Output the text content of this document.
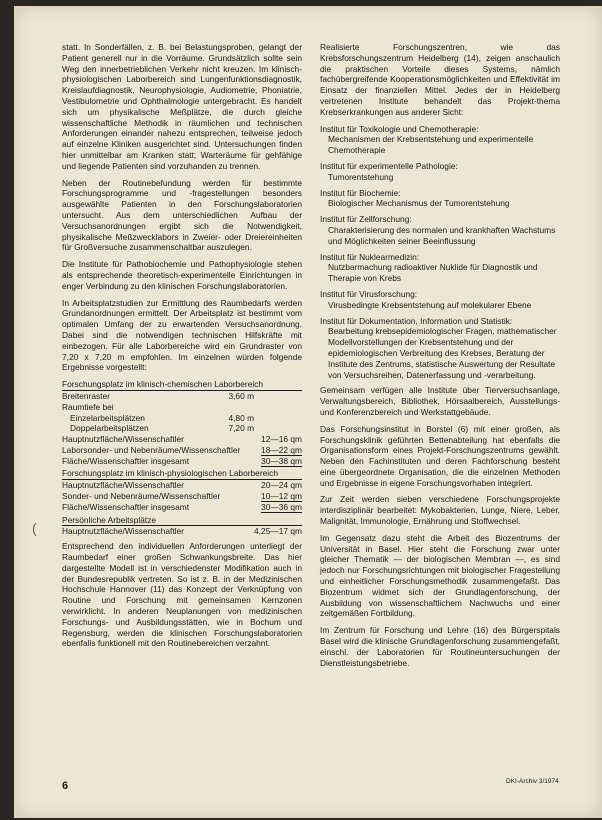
statt. In Sonderfällen, z. B. bei Belastungsproben, gelangt der Patient generell nur in die Vorräume. Grundsätzlich sollte sein Weg den innerbetrieblichen Verkehr nicht kreuzen. Im klinisch-physiologischen Laborbereich sind Lungenfunktionsdiagnostik, Kreislaufdiagnostik, Neurophysiologie, Audiometrie, Phoniatrie, Vestibulometrie und Ophthalmologie untergebracht. Es handelt sich um physikalische Meßplätze, die durch gleiche wissenschaftliche Methodik in räumlichen und technischen Anforderungen einander nahezu entsprechen, teilweise jedoch auf einzelne Kliniken ausgerichtet sind. Untersuchungen finden hier unmittelbar am Kranken statt; Warteräume für gehfähige und liegende Patienten sind vorzuhanden zu trennen.

Neben der Routinebefundung werden für bestimmte Forschungsprogramme und -fragestellungen besonders ausgewählte Patienten in den Forschungslaboratorien untersucht. Aus dem unterschiedlichen Aufbau der Versuchsanordnungen ergibt sich die Notwendigkeit, physikalische Meßzwecklabors in Zweier- oder Dreiereinheiten für Großversuche zusammenschaltbar auszulegen.

Die Institute für Pathobiochemie und Pathophysiologie stehen als entsprechende theoretisch-experimentelle Einrichtungen in enger Verbindung zu den klinischen Forschungslaboratorien.

In Arbeitsplatzstudien zur Ermittlung des Raumbedarfs werden Grundanordnungen ermittelt. Der Arbeitsplatz ist bestimmt vom optimalen Umfang der zu erwartenden Versuchsanordnung. Dabei sind die notwendigen technischen Hilfskräfte mit einbezogen. Für alle Laborbereiche wird ein Grundraster von 7,20 x 7,20 m empfohlen. Im einzelnen würden folgende Ergebnisse vorgestellt:

Forschungsplatz im klinisch-chemischen Laborbereich		
Breitenraster	3,60 m	
Raumtiefe bei		
Einzelarbeitsplätzen	4,80 m	
Doppelarbeitsplätzen	7,20 m	
Hauptnutzfläche/Wissenschaftler		12—16 qm
Laborsonder- und Nebenräume/Wissenschaftler		18—22 qm
Fläche/Wissenschaftler insgesamt		30—38 qm
Forschungsplatz im klinisch-physiologischen Laborbereich		
Hauptnutzfläche/Wissenschaftler		20—24 qm
Sonder- und Nebenräume/Wissenschaftler		10—12 qm
Fläche/Wissenschaftler insgesamt		30—36 qm
Persönliche Arbeitsplätze		
Hauptnutzfläche/Wissenschaftler		4,25—17 qm

Entsprechend den individuellen Anforderungen unterliegt der Raumbedarf einer großen Schwankungsbreite. Das hier dargestellte Modell ist in verschiedenster Modifikation auch in der Bundesrepublik vertreten. So ist z. B. in der Medizinischen Hochschule Hannover (11) das Konzept der Verknüpfung von Routine und Forschung mit gemeinsamen Kernzonen verwirklicht. In anderen Neuplanungen von medizinischen Forschungs- und Ausbildungsstätten, wie in Bochum und Regensburg, werden die klinischen Forschungslaboratorien ebenfalls funktionell mit den Routinebereichen verzahnt.

Realisierte Forschungszentren, wie das Krebsforschungszentrum Heidelberg (14), zeigen anschaulich die praktischen Vorteile dieses Systems, nämlich fachübergreifende Kooperationsmöglichkeiten und Effektivität im Einsatz der finanziellen Mittel. Jedes der in Heidelberg vertretenen Institute behandelt das Projekt-thema Krebserkrankungen aus anderer Sicht:

Institut für Toxikologie und Chemotherapie:
Mechanismen der Krebsentstehung und experimentelle Chemotherapie
Institut für experimentelle Pathologie:
Tumorentstehung
Institut für Biochemie:
Biologischer Mechanismus der Tumorentstehung
Institut für Zellforschung:
Charakterisierung des normalen und krankhaften Wachstums und Möglichkeiten seiner Beeinflussung
Institut für Nuklearmedizin:
Nutzbarmachung radioaktiver Nuklide für Diagnostik und Therapie von Krebs
Institut für Virusforschung:
Virusbedingte Krebsentstehung auf molekularer Ebene
Institut für Dokumentation, Information und Statistik:
Bearbeitung krebsepidemiologischer Fragen, mathematischer Modellvorstellungen der Krebsentstehung und der epidemiologischen Verbreitung des Krebses, Beratung der Institute des Zentrums, statistische Auswertung der Resultate von Versuchsreihen, Datenerfassung und -verarbeitung.

Gemeinsam verfügen alle Institute über Tierversuchsanlage, Verwaltungsbereich, Bibliothek, Hörsaalbereich, Ausstellungs- und Konferenzbereich und Werkstattgebäude.

Das Forschungsinstitut in Borstel (6) mit einer großen, als Forschungsklinik geführten Bettenabteilung hat ebenfalls die Organisationsform eines Projekt-Forschungszentrums gewählt. Neben den Fachinstituten und deren Fachforschung besteht eine übergeordnete Organisation, die die einzelnen Methoden und Ergebnisse in eigene Forschungsvorhaben integriert.

Zur Zeit werden sieben verschiedene Forschungsprojekte interdisziplinär bearbeitet: Mykobakterien, Lunge, Niere, Leber, Malignität, Immunologie, Ernährung und Stoffwechsel.

Im Gegensatz dazu steht die Arbeit des Biozentrums der Universität in Basel. Hier steht die Forschung zwar unter gleicher Thematik — der biologischen Membran —, es sind jedoch nur Forschungsrichtungen mit biologischer Fragestellung und einheitlicher Forschungsmethodik zusammengefaßt. Das Biozentrum widmet sich der Grundlagenforschung, der Ausbildung von wissenschaftlichem Nachwuchs und einer zeitgemäßen Fortbildung.

Im Zentrum für Forschung und Lehre (16) des Bürgerspitals Basel wird die klinische Grundlagenforschung zusammengefaßt, einschl. der Laboratorien für Routineuntersuchungen der Dienstleistungsbetriebe.

(
6	DKI-Archiv 3/1974
